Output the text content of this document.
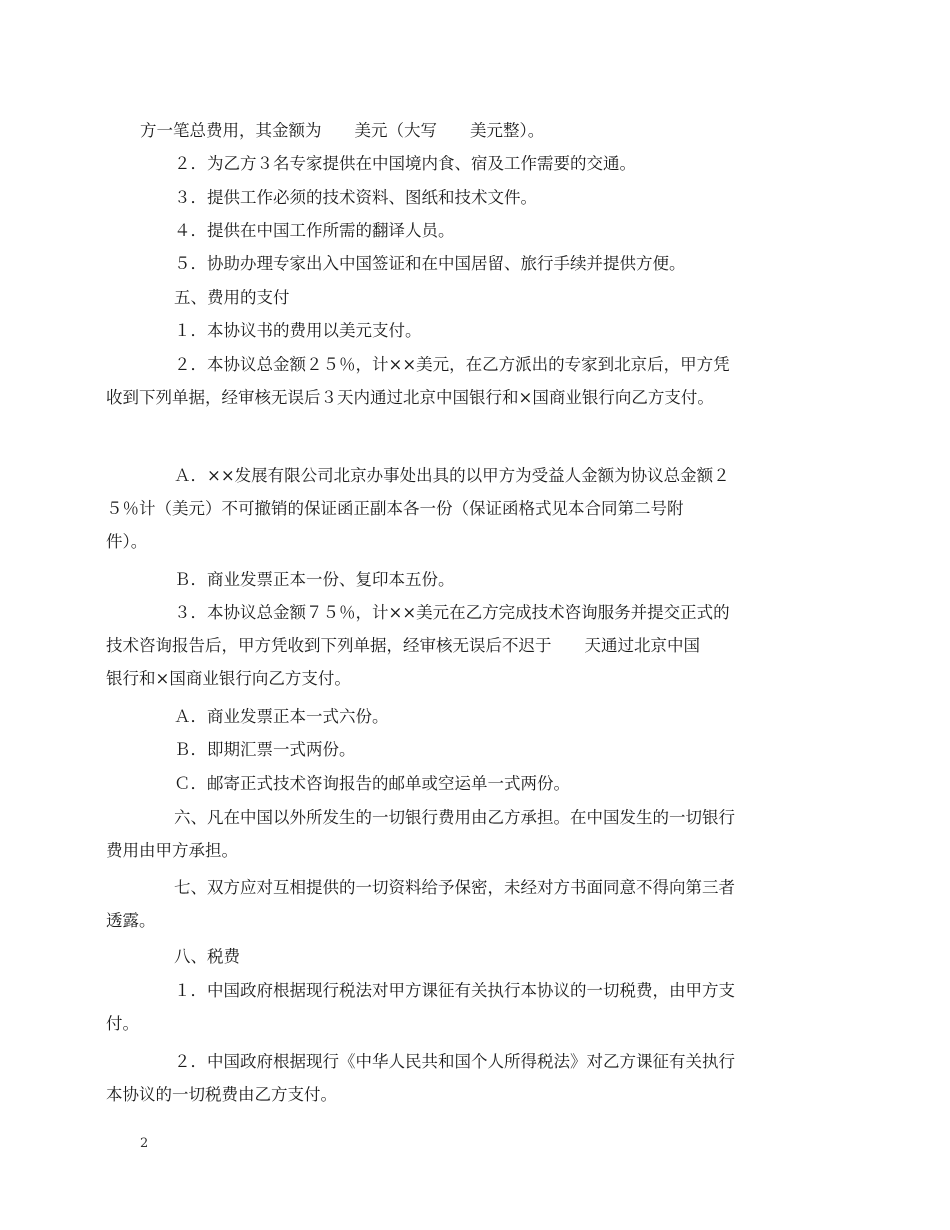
方一笔总费用，其金额为　　美元（大写　　美元整）。
２．为乙方３名专家提供在中国境内食、宿及工作需要的交通。
３．提供工作必须的技术资料、图纸和技术文件。
４．提供在中国工作所需的翻译人员。
５．协助办理专家出入中国签证和在中国居留、旅行手续并提供方便。
五、费用的支付
１．本协议书的费用以美元支付。
２．本协议总金额２５％，计××美元，在乙方派出的专家到北京后，甲方凭
收到下列单据，经审核无误后３天内通过北京中国银行和×国商业银行向乙方支付。
Ａ．××发展有限公司北京办事处出具的以甲方为受益人金额为协议总金额２
５％计（美元）不可撤销的保证函正副本各一份（保证函格式见本合同第二号附
件）。
Ｂ．商业发票正本一份、复印本五份。
３．本协议总金额７５％，计××美元在乙方完成技术咨询服务并提交正式的
技术咨询报告后，甲方凭收到下列单据，经审核无误后不迟于　　天通过北京中国
银行和×国商业银行向乙方支付。
Ａ．商业发票正本一式六份。
Ｂ．即期汇票一式两份。
Ｃ．邮寄正式技术咨询报告的邮单或空运单一式两份。
六、凡在中国以外所发生的一切银行费用由乙方承担。在中国发生的一切银行
费用由甲方承担。
七、双方应对互相提供的一切资料给予保密，未经对方书面同意不得向第三者
透露。
八、税费
１．中国政府根据现行税法对甲方课征有关执行本协议的一切税费，由甲方支
付。
２．中国政府根据现行《中华人民共和国个人所得税法》对乙方课征有关执行
本协议的一切税费由乙方支付。
2
